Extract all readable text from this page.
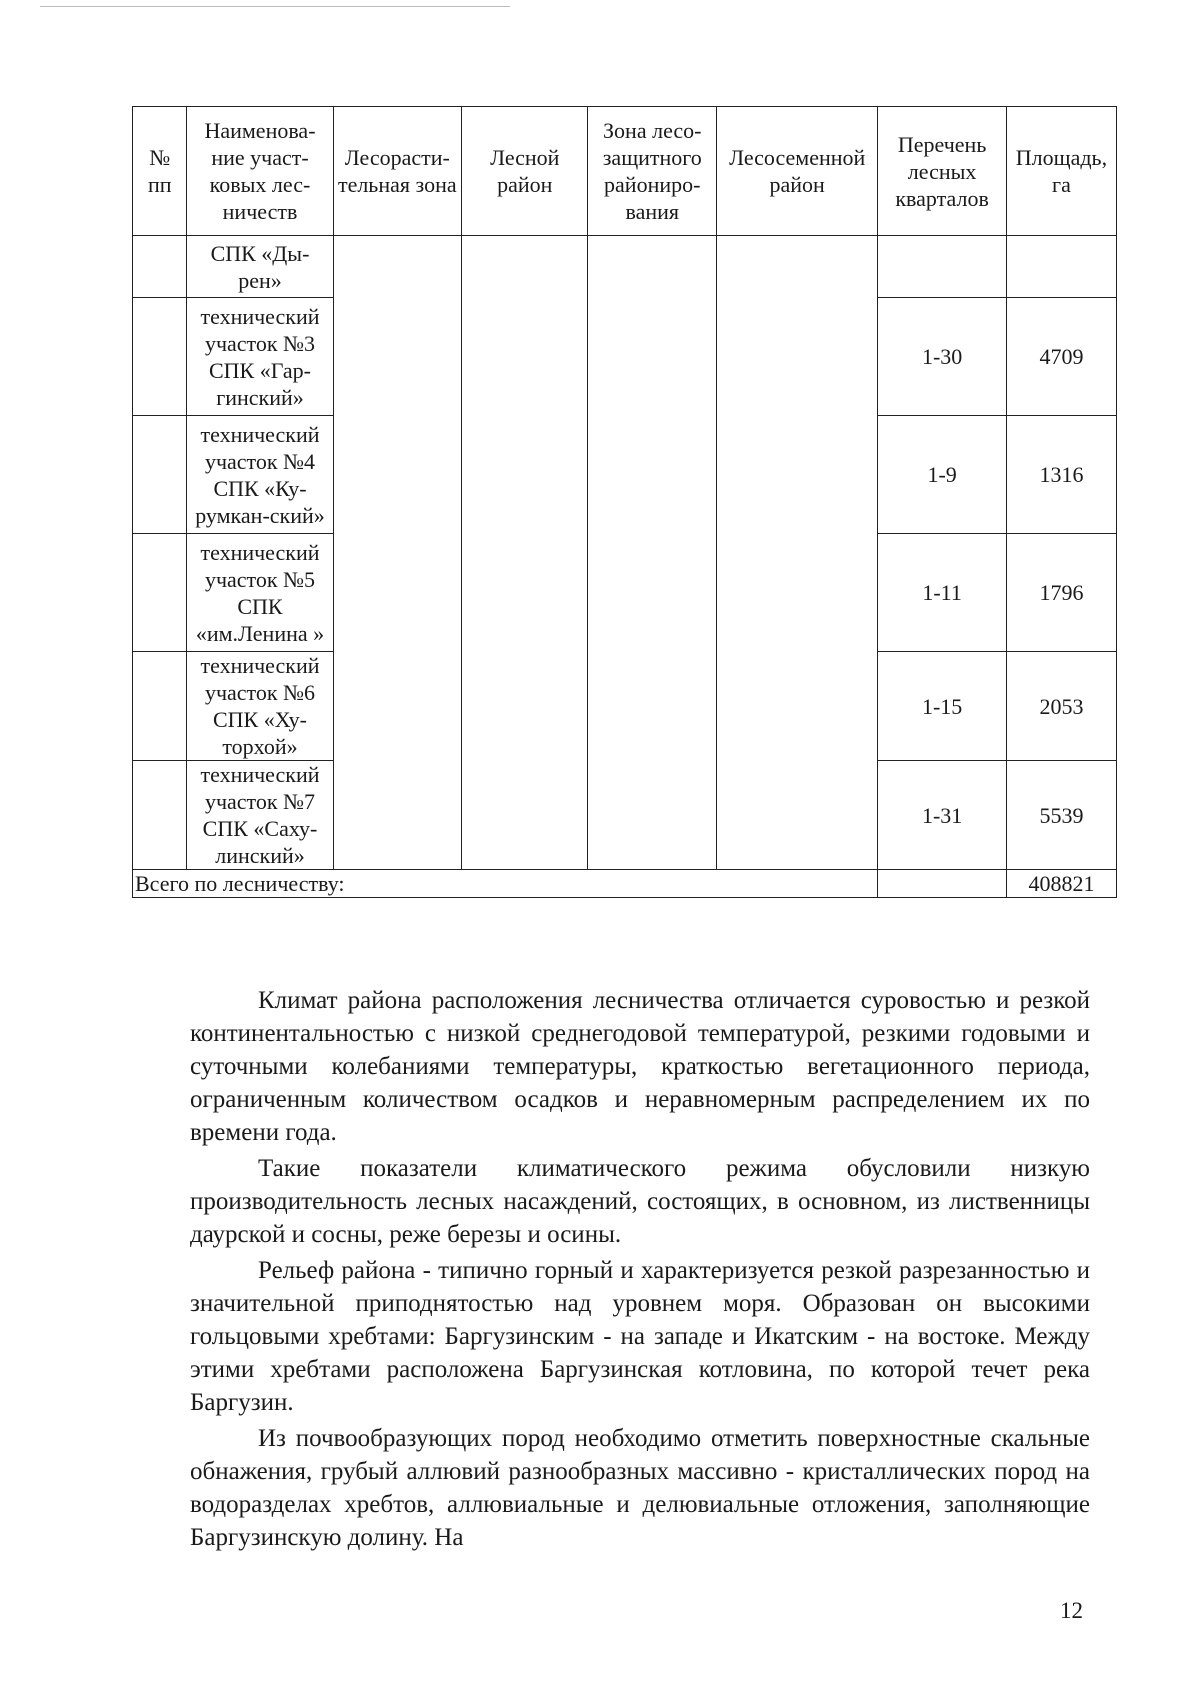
№ пп	Наименова-ние участ-ковых лес-ничеств	Лесорасти-тельная зона	Лесной район	Зона лесо-защитного райониро-вания	Лесосеменной район	Перечень лесных кварталов	Площадь, га
	СПК «Ды-рен»						
	технический участок №3 СПК «Гар-гинский»					1-30	4709
	технический участок №4 СПК «Ку-румкан-ский»					1-9	1316
	технический участок №5 СПК «им.Ленина »					1-11	1796
	технический участок №6 СПК «Ху-торхой»					1-15	2053
	технический участок №7 СПК «Саху-линский»					1-31	5539
Всего по лесничеству:							408821

Климат района расположения лесничества отличается суровостью и резкой континентальностью с низкой среднегодовой температурой, резкими годовыми и суточными колебаниями температуры, краткостью вегетационного периода, ограниченным количеством осадков и неравномерным распределением их по времени года.

Такие показатели климатического режима обусловили низкую производительность лесных насаждений, состоящих, в основном, из лиственницы даурской и сосны, реже березы и осины.

Рельеф района - типично горный и характеризуется резкой разрезанностью и значительной приподнятостью над уровнем моря. Образован он высокими гольцовыми хребтами: Баргузинским - на западе и Икатским - на востоке. Между этими хребтами расположена Баргузинская котловина, по которой течет река Баргузин.

Из почвообразующих пород необходимо отметить поверхностные скальные обнажения, грубый аллювий разнообразных массивно - кристаллических пород на водоразделах хребтов, аллювиальные и делювиальные отложения, заполняющие Баргузинскую долину. На

12
